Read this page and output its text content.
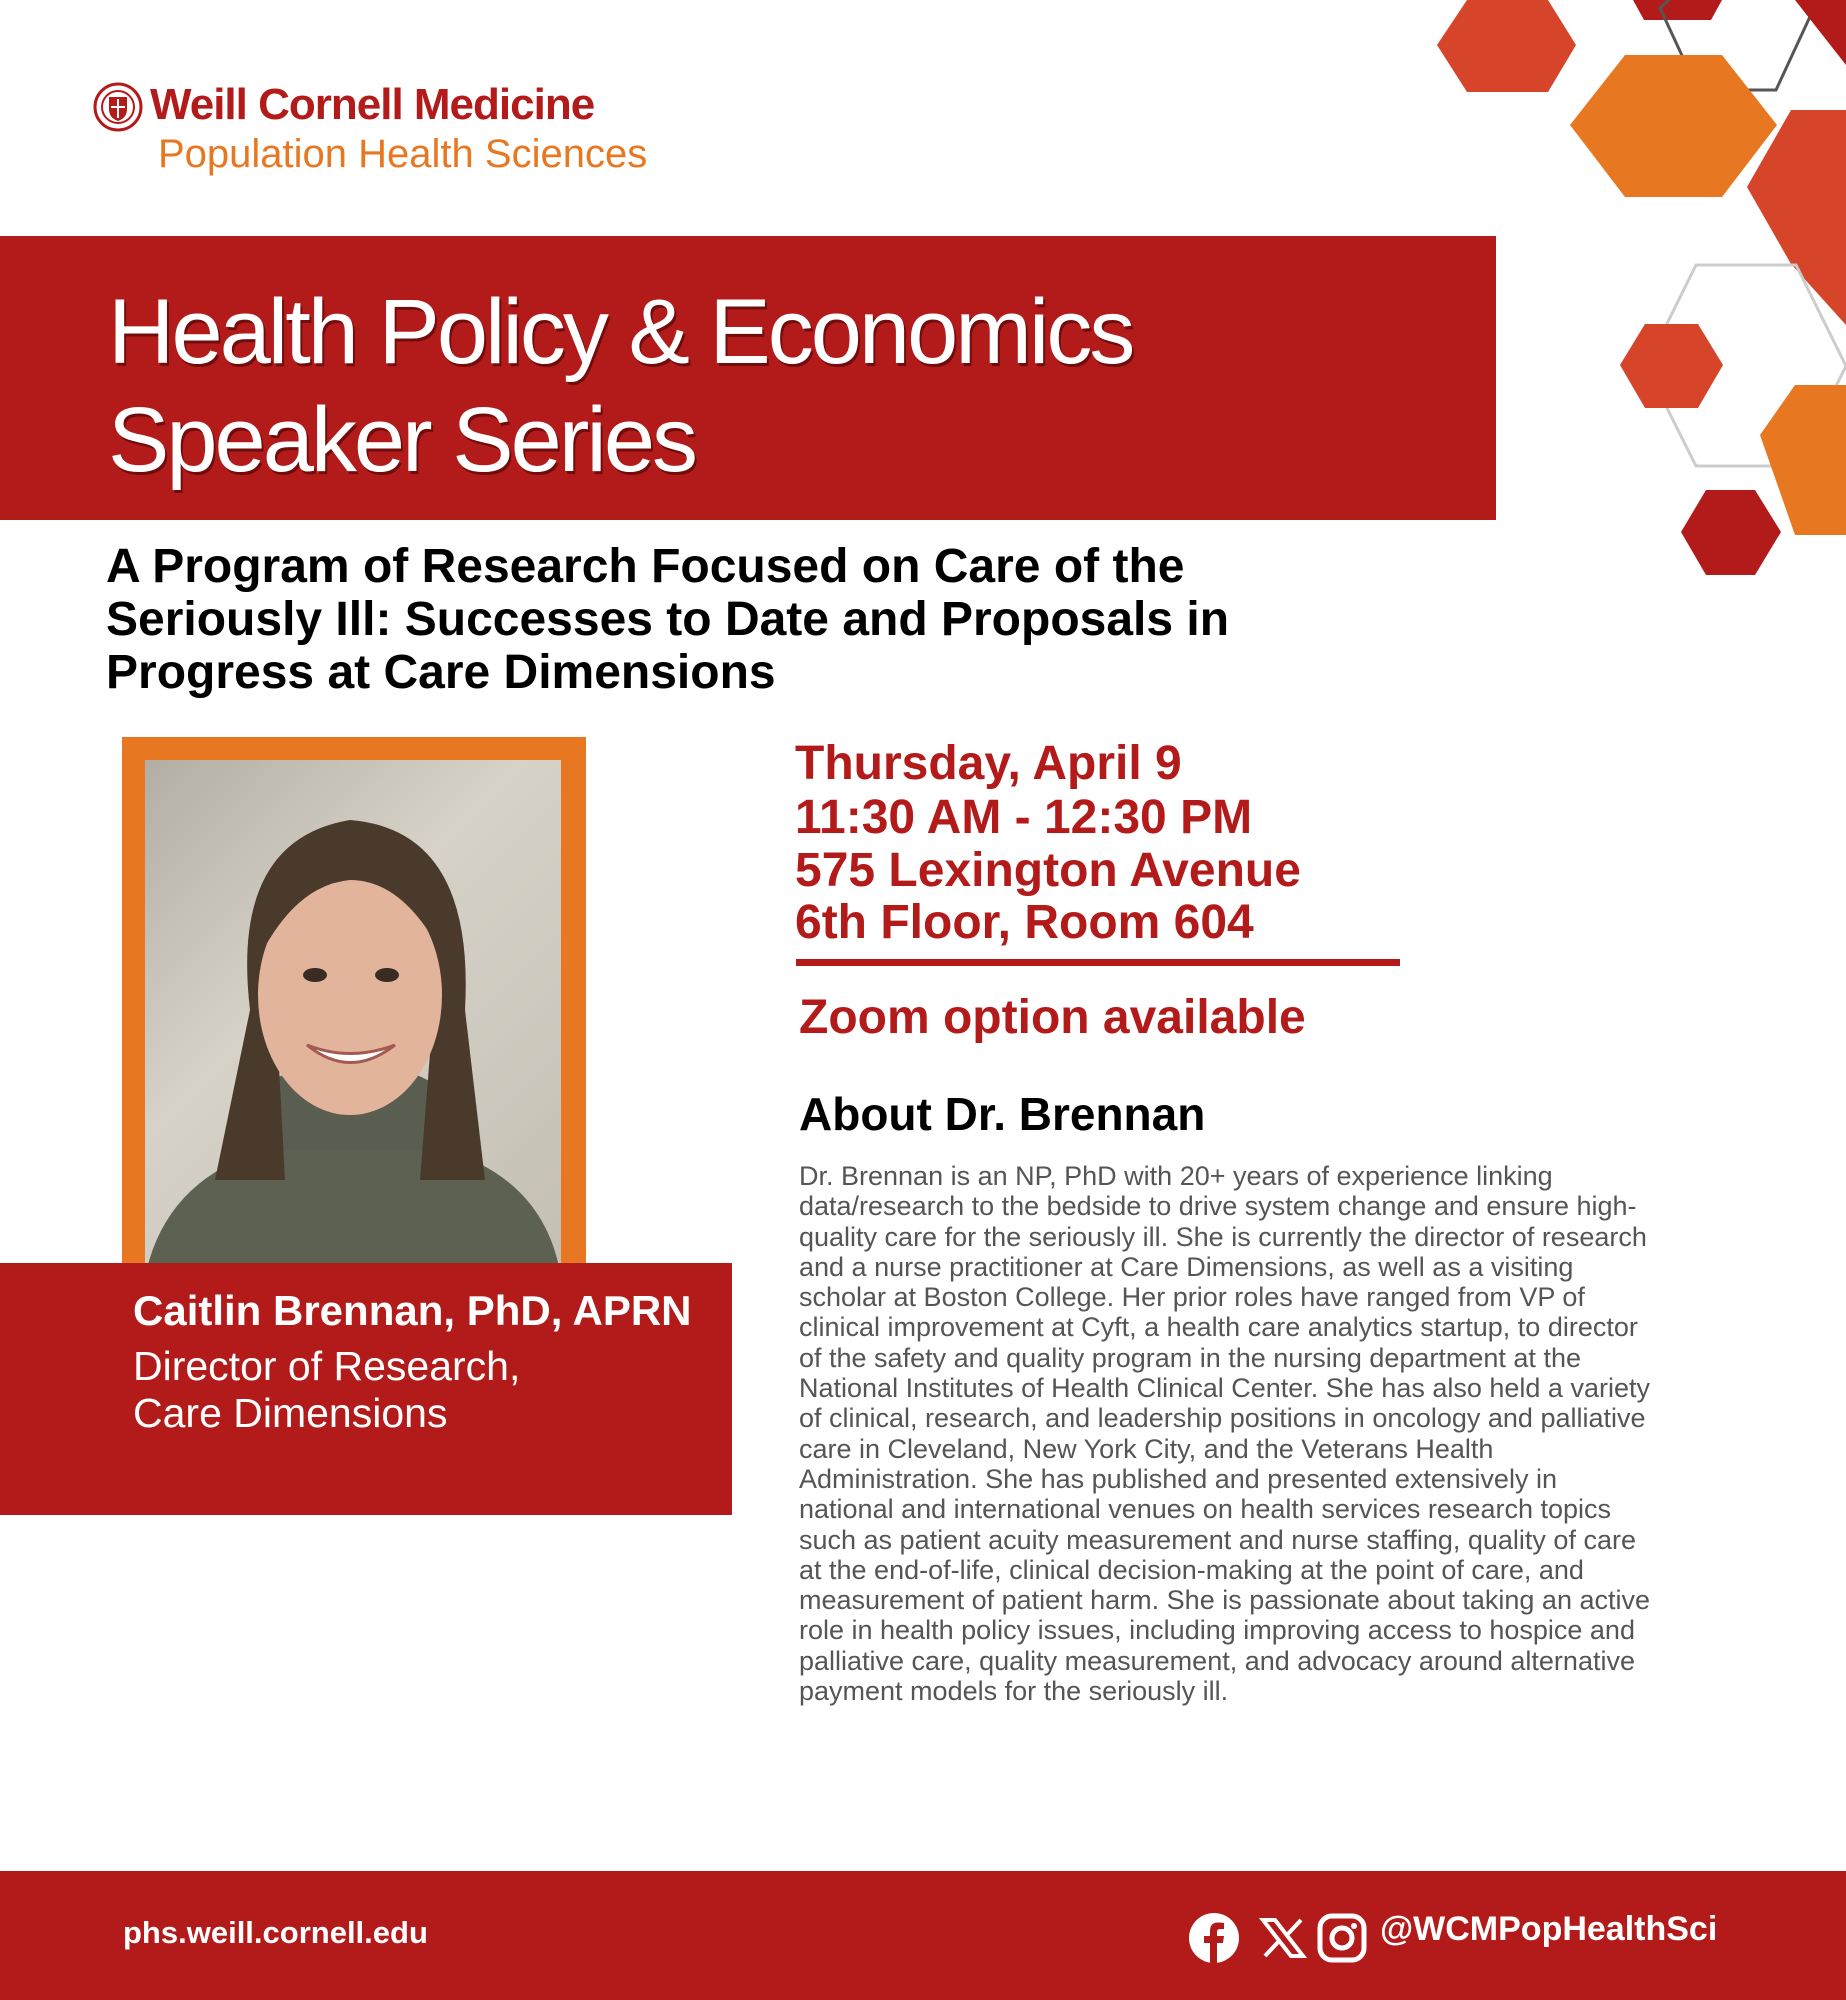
Weill Cornell Medicine
Population Health Sciences
Health Policy & Economics
Speaker Series
A Program of Research Focused on Care of the Seriously Ill: Successes to Date and Proposals in Progress at Care Dimensions
Caitlin Brennan, PhD, APRN
Director of Research,
Care Dimensions
Thursday, April 9
11:30 AM - 12:30 PM
575 Lexington Avenue
6th Floor, Room 604
Zoom option available
About Dr. Brennan
Dr. Brennan is an NP, PhD with 20+ years of experience linking data/research to the bedside to drive system change and ensure high-quality care for the seriously ill. She is currently the director of research and a nurse practitioner at Care Dimensions, as well as a visiting scholar at Boston College. Her prior roles have ranged from VP of clinical improvement at Cyft, a health care analytics startup, to director of the safety and quality program in the nursing department at the National Institutes of Health Clinical Center. She has also held a variety of clinical, research, and leadership positions in oncology and palliative care in Cleveland, New York City, and the Veterans Health Administration. She has published and presented extensively in national and international venues on health services research topics such as patient acuity measurement and nurse staffing, quality of care at the end-of-life, clinical decision-making at the point of care, and measurement of patient harm. She is passionate about taking an active role in health policy issues, including improving access to hospice and palliative care, quality measurement, and advocacy around alternative payment models for the seriously ill.
phs.weill.cornell.edu	@WCMPopHealthSci
